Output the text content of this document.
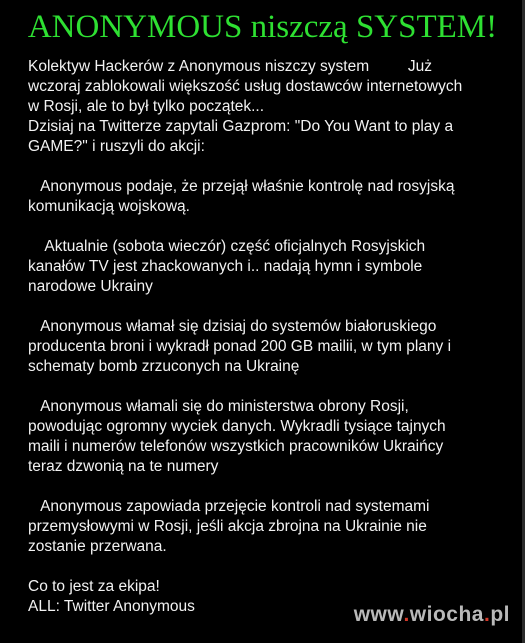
ANONYMOUS niszczą SYSTEM!
Kolektyw Hackerów z Anonymous niszczy system         Już
wczoraj zablokowali większość usług dostawców internetowych
w Rosji, ale to był tylko początek...
Dzisiaj na Twitterze zapytali Gazprom: "Do You Want to play a
GAME?" i ruszyli do akcji:
Anonymous podaje, że przejął właśnie kontrolę nad rosyjską
komunikacją wojskową.
Aktualnie (sobota wieczór) część oficjalnych Rosyjskich
kanałów TV jest zhackowanych i.. nadają hymn i symbole
narodowe Ukrainy
Anonymous włamał się dzisiaj do systemów białoruskiego
producenta broni i wykradł ponad 200 GB mailii, w tym plany i
schematy bomb zrzuconych na Ukrainę
Anonymous włamali się do ministerstwa obrony Rosji,
powodując ogromny wyciek danych. Wykradli tysiące tajnych
maili i numerów telefonów wszystkich pracowników Ukraińcy
teraz dzwonią na te numery
Anonymous zapowiada przejęcie kontroli nad systemami
przemysłowymi w Rosji, jeśli akcja zbrojna na Ukrainie nie
zostanie przerwana.
Co to jest za ekipa!
ALL: Twitter Anonymous	www.wiocha.pl
